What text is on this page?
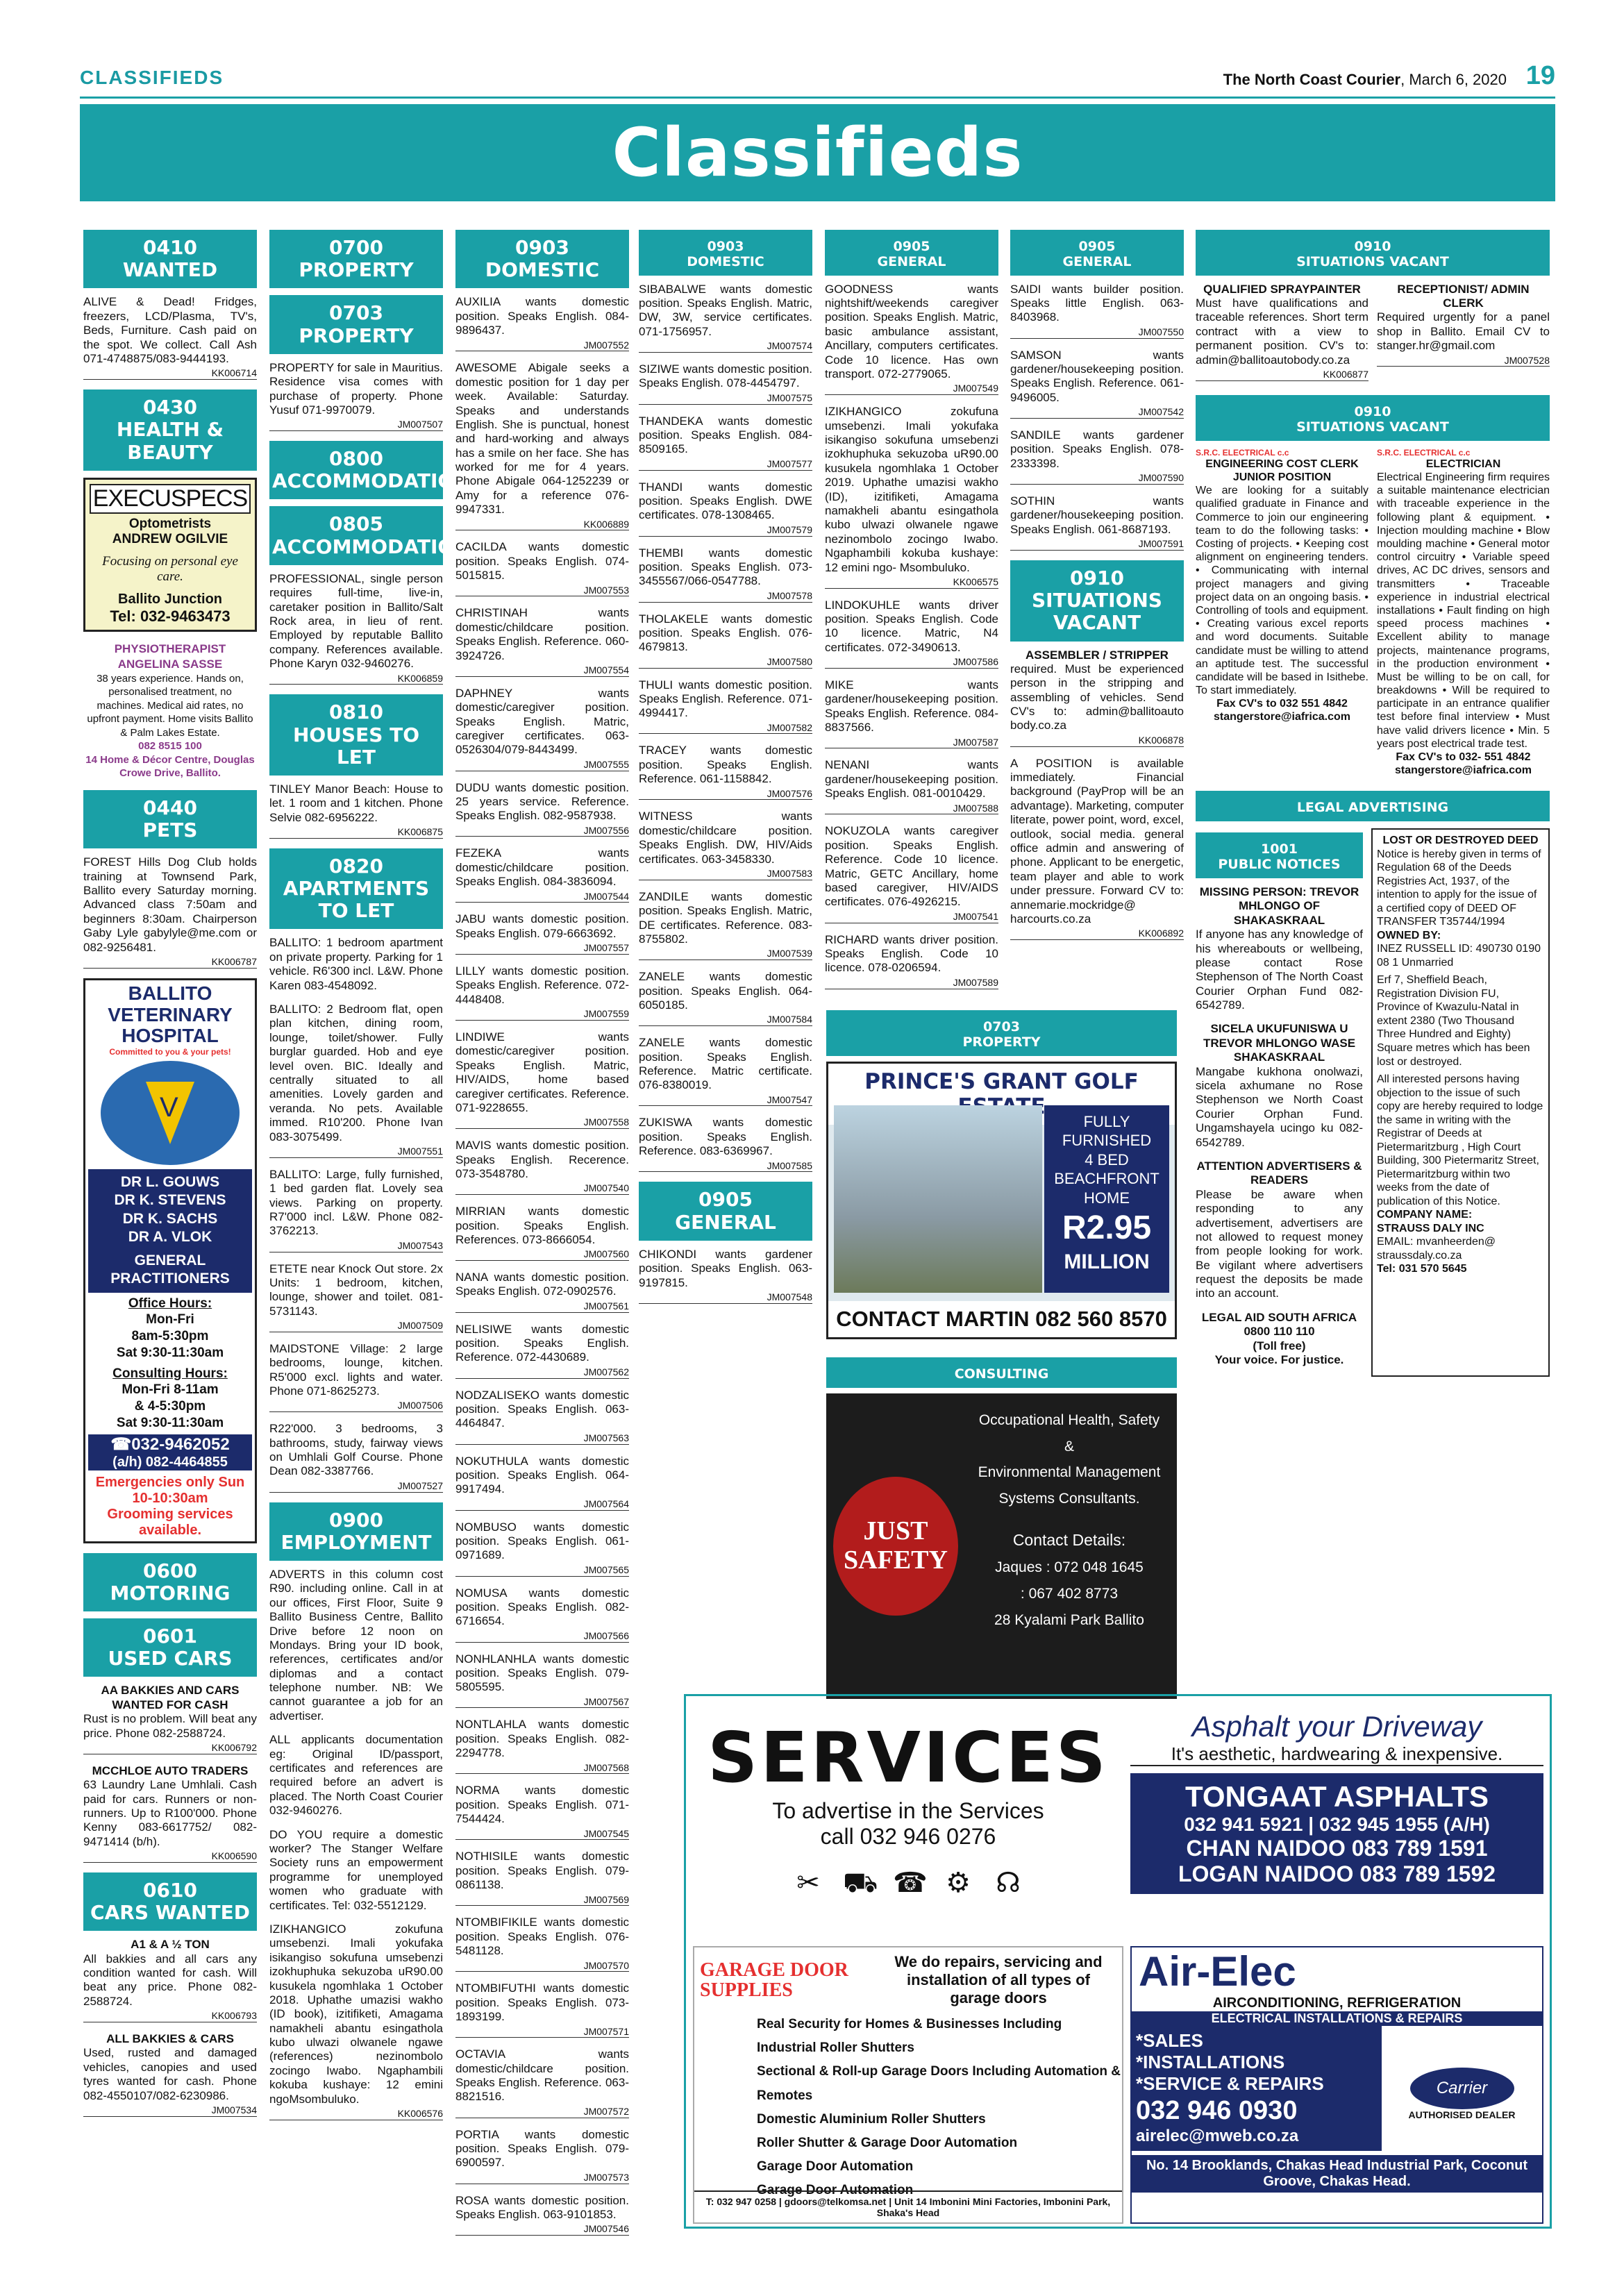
CLASSIFIEDS	The North Coast Courier, March 6, 2020 19
Classifieds
0410
WANTED
ALIVE & Dead! Fridges, freezers, LCD/Plasma, TV's, Beds, Furniture. Cash paid on the spot. We collect. Call Ash 071-4748875/083-9444193.
KK006714
0430
HEALTH & BEAUTY
EXECUSPECS
Optometrists
ANDREW OGILVIE
Focusing on personal eye care.
Ballito Junction
Tel: 032-9463473
PHYSIOTHERAPIST
ANGELINA SASSE
38 years experience. Hands on, personalised treatment, no machines. Medical aid rates, no upfront payment. Home visits Ballito & Palm Lakes Estate.
082 8515 100
14 Home & Décor Centre, Douglas Crowe Drive, Ballito.
0440
PETS
FOREST Hills Dog Club holds training at Townsend Park, Ballito every Saturday morning. Advanced class 7:50am and beginners 8:30am. Chairperson Gaby Lyle gabylyle@me.com or 082-9256481.
KK006787
BALLITO VETERINARY HOSPITAL
Committed to you & your pets!
V
DR L. GOUWS
DR K. STEVENS
DR K. SACHS
DR A. VLOK
GENERAL PRACTITIONERS
Office Hours:
Mon-Fri
8am-5:30pm
Sat 9:30-11:30am
Consulting Hours:
Mon-Fri 8-11am
& 4-5:30pm
Sat 9:30-11:30am
☎032-9462052
(a/h) 082-4464855
Emergencies only Sun 10-10:30am
Grooming services available.
0600
MOTORING
0601
USED CARS
AA BAKKIES AND CARS WANTED FOR CASH
Rust is no problem. Will beat any price. Phone 082-2588724.
KK006792
MCCHLOE AUTO TRADERS
63 Laundry Lane Umhlali. Cash paid for cars. Runners or non-runners. Up to R100'000. Phone Kenny 083-6617752/ 082-9471414 (b/h).
KK006590
0610
CARS WANTED
A1 & A ½ TON
All bakkies and all cars any condition wanted for cash. Will beat any price. Phone 082-2588724.
KK006793
ALL BAKKIES & CARS
Used, rusted and damaged vehicles, canopies and used tyres wanted for cash. Phone 082-4550107/082-6230986.
JM007534
0700
PROPERTY
0703
PROPERTY
PROPERTY for sale in Mauritius. Residence visa comes with purchase of property. Phone Yusuf 071-9970079.
JM007507
0800
ACCOMMODATION
0805
ACCOMMODATION
PROFESSIONAL, single person requires full-time, live-in, caretaker position in Ballito/Salt Rock area, in lieu of rent. Employed by reputable Ballito company. References available. Phone Karyn 032-9460276.
KK006859
0810
HOUSES TO LET
TINLEY Manor Beach: House to let. 1 room and 1 kitchen. Phone Selvie 082-6956222.
KK006875
0820
APARTMENTS TO LET
BALLITO: 1 bedroom apartment on private property. Parking for 1 vehicle. R6'300 incl. L&W. Phone Karen 083-4548092.
BALLITO: 2 Bedroom flat, open plan kitchen, dining room, lounge, toilet/shower. Fully burglar guarded. Hob and eye level oven. BIC. Ideally and centrally situated to all amenities. Lovely garden and veranda. No pets. Available immed. R10'200. Phone Ivan 083-3075499.
JM007551
BALLITO: Large, fully furnished, 1 bed garden flat. Lovely sea views. Parking on property. R7'000 incl. L&W. Phone 082-3762213.
JM007543
ETETE near Knock Out store. 2x Units: 1 bedroom, kitchen, lounge, shower and toilet. 081-5731143.
JM007509
MAIDSTONE Village: 2 large bedrooms, lounge, kitchen. R5'000 excl. lights and water. Phone 071-8625273.
JM007506
R22'000. 3 bedrooms, 3 bathrooms, study, fairway views on Umhlali Golf Course. Phone Dean 082-3387766.
JM007527
0900
EMPLOYMENT
ADVERTS in this column cost R90. including online. Call in at our offices, First Floor, Suite 9 Ballito Business Centre, Ballito Drive before 12 noon on Mondays. Bring your ID book, references, certificates and/or diplomas and a contact telephone number. NB: We cannot guarantee a job for an advertiser.
ALL applicants documentation eg: Original ID/passport, certificates and references are required before an advert is placed. The North Coast Courier 032-9460276.
DO YOU require a domestic worker? The Stanger Welfare Society runs an empowerment programme for unemployed women who graduate with certificates. Tel: 032-5512129.
IZIKHANGICO zokufuna umsebenzi. Imali yokufaka isikangiso sokufuna umsebenzi izokhuphuka sekuzoba uR90.00 kusukela ngomhlaka 1 October 2018. Uphathe umazisi wakho (ID book), izitifiketi, Amagama namakheli abantu esingathola kubo ulwazi olwanele ngawe (references) nezinombolo zocingo Iwabo. Ngaphambili kokuba kushaye: 12 emini ngoMsombuluko.
KK006576
0903
DOMESTIC
AUXILIA wants domestic position. Speaks English. 084-9896437.
JM007552
AWESOME Abigale seeks a domestic position for 1 day per week. Available: Saturday. Speaks and understands English. She is punctual, honest and hard-working and always has a smile on her face. She has worked for me for 4 years. Phone Abigale 064-1252239 or Amy for a reference 076-9947331.
KK006889
CACILDA wants domestic position. Speaks English. 074-5015815.
JM007553
CHRISTINAH wants domestic/childcare position. Speaks English. Reference. 060-3924726.
JM007554
DAPHNEY wants domestic/caregiver position. Speaks English. Matric, caregiver certificates. 063-0526304/079-8443499.
JM007555
DUDU wants domestic position. 25 years service. Reference. Speaks English. 082-9587938.
JM007556
FEZEKA wants domestic/childcare position. Speaks English. 084-3836094.
JM007544
JABU wants domestic position. Speaks English. 079-6663692.
JM007557
LILLY wants domestic position. Speaks English. Reference. 072-4448408.
JM007559
LINDIWE wants domestic/caregiver position. Speaks English. Matric, HIV/AIDS, home based caregiver certificates. Reference. 071-9228655.
JM007558
MAVIS wants domestic position. Speaks English. Recerence. 073-3548780.
JM007540
MIRRIAN wants domestic position. Speaks English. References. 073-8666054.
JM007560
NANA wants domestic position. Speaks English. 072-0902576.
JM007561
NELISIWE wants domestic position. Speaks English. Reference. 072-4430689.
JM007562
NODZALISEKO wants domestic position. Speaks English. 063-4464847.
JM007563
NOKUTHULA wants domestic position. Speaks English. 064-9917494.
JM007564
NOMBUSO wants domestic position. Speaks English. 061-0971689.
JM007565
NOMUSA wants domestic position. Speaks English. 082-6716654.
JM007566
NONHLANHLA wants domestic position. Speaks English. 079-5805595.
JM007567
NONTLAHLA wants domestic position. Speaks English. 082-2294778.
JM007568
NORMA wants domestic position. Speaks English. 071-7544424.
JM007545
NOTHISILE wants domestic position. Speaks English. 079-0861138.
JM007569
NTOMBIFIKILE wants domestic position. Speaks English. 076-5481128.
JM007570
NTOMBIFUTHI wants domestic position. Speaks English. 073-1893199.
JM007571
OCTAVIA wants domestic/childcare position. Speaks English. Reference. 063-8821516.
JM007572
PORTIA wants domestic position. Speaks English. 079-6900597.
JM007573
ROSA wants domestic position. Speaks English. 063-9101853.
JM007546
0903
DOMESTIC
SIBABALWE wants domestic position. Speaks English. Matric, DW, 3W, service certificates. 071-1756957.
JM007574
SIZIWE wants domestic position. Speaks English. 078-4454797.
JM007575
THANDEKA wants domestic position. Speaks English. 084-8509165.
JM007577
THANDI wants domestic position. Speaks English. DWE certificates. 078-1308465.
JM007579
THEMBI wants domestic position. Speaks English. 073-3455567/066-0547788.
JM007578
THOLAKELE wants domestic position. Speaks English. 076-4679813.
JM007580
THULI wants domestic position. Speaks English. Reference. 071-4994417.
JM007582
TRACEY wants domestic position. Speaks English. Reference. 061-1158842.
JM007576
WITNESS wants domestic/childcare position. Speaks English. DW, HIV/Aids certificates. 063-3458330.
JM007583
ZANDILE wants domestic position. Speaks English. Matric, DE certificates. Reference. 083-8755802.
JM007539
ZANELE wants domestic position. Speaks English. 064-6050185.
JM007584
ZANELE wants domestic position. Speaks English. Reference. Matric certificate. 076-8380019.
JM007547
ZUKISWA wants domestic position. Speaks English. Reference. 083-6369967.
JM007585
0905
GENERAL
CHIKONDI wants gardener position. Speaks English. 063-9197815.
JM007548
0905
GENERAL
GOODNESS wants nightshift/weekends caregiver position. Speaks English. Matric, basic ambulance assistant, Ancillary, computers certificates. Code 10 licence. Has own transport. 072-2779065.
JM007549
IZIKHANGICO zokufuna umsebenzi. Imali yokufaka isikangiso sokufuna umsebenzi izokhuphuka sekuzoba uR90.00 kusukela ngomhlaka 1 October 2019. Uphathe umazisi wakho (ID), izitifiketi, Amagama namakheli abantu esingathola kubo ulwazi olwanele ngawe nezinombolo zocingo Iwabo. Ngaphambili kokuba kushaye: 12 emini ngo- Msombuluko.
KK006575
LINDOKUHLE wants driver position. Speaks English. Code 10 licence. Matric, N4 certificates. 072-3490613.
JM007586
MIKE wants gardener/housekeeping position. Speaks English. Reference. 084-8837566.
JM007587
NENANI wants gardener/housekeeping position. Speaks English. 081-0010429.
JM007588
NOKUZOLA wants caregiver position. Speaks English. Reference. Code 10 licence. Matric, GETC Ancillary, home based caregiver, HIV/AIDS certificates. 076-4926215.
JM007541
RICHARD wants driver position. Speaks English. Code 10 licence. 078-0206594.
JM007589
0905
GENERAL
SAIDI wants builder position. Speaks little English. 063-8403968.
JM007550
SAMSON wants gardener/housekeeping position. Speaks English. Reference. 061-9496005.
JM007542
SANDILE wants gardener position. Speaks English. 078-2333398.
JM007590
SOTHIN wants gardener/housekeeping position. Speaks English. 061-8687193.
JM007591
0910
SITUATIONS VACANT
ASSEMBLER / STRIPPER
required. Must be experienced person in the stripping and assembling of vehicles. Send CV's to: admin@ballitoauto body.co.za
KK006878
A POSITION is available immediately. Financial background (PayProp will be an advantage). Marketing, computer literate, power point, word, excel, outlook, social media. general office admin and answering of phone. Applicant to be energetic, team player and able to work under pressure. Forward CV to: annemarie.mockridge@ harcourts.co.za
KK006892
0703
PROPERTY
PRINCE'S GRANT GOLF
FULLY
FURNISHED
4 BED
BEACHFRONT
HOME
R2.95
MILLION
CONTACT MARTIN 082 560 8570
CONSULTING
JUST SAFETY
Occupational Health, Safety
&
Environmental Management
Systems Consultants.
Contact Details:
Jaques : 072 048 1645
: 067 402 8773
28 Kyalami Park Ballito
0910
SITUATIONS VACANT
QUALIFIED SPRAYPAINTER
Must have qualifications and traceable references. Short term contract with a view to permanent position. CV's to: admin@ballitoautobody.co.za
KK006877
RECEPTIONIST/ ADMIN CLERK
Required urgently for a panel shop in Ballito. Email CV to stanger.hr@gmail.com
JM007528
0910
SITUATIONS VACANT
S.R.C. ELECTRICAL c.c
ENGINEERING COST CLERK JUNIOR POSITION
We are looking for a suitably qualified graduate in Finance and Commerce to join our engineering team to do the following tasks: • Costing of projects. • Keeping cost alignment on engineering tenders. • Communicating with internal project managers and giving project data on an ongoing basis. • Controlling of tools and equipment. • Creating various excel reports and word documents. Suitable candidate must be willing to attend an aptitude test. The successful candidate will be based in Isithebe. To start immediately.
Fax CV's to 032 551 4842 stangerstore@iafrica.com
S.R.C. ELECTRICAL c.c
ELECTRICIAN
Electrical Engineering firm requires a suitable maintenance electrician with traceable experience in the following plant & equipment. • Injection moulding machine • Blow moulding machine • General motor control circuitry • Variable speed drives, AC DC drives, sensors and transmitters • Traceable experience in industrial electrical installations • Fault finding on high speed process machines • Excellent ability to manage projects, maintenance programs, in the production environment • Must be willing to be on call, for breakdowns • Will be required to participate in an entrance qualifier test before final interview • Must have valid drivers licence • Min. 5 years post electrical trade test.
Fax CV's to 032- 551 4842 stangerstore@iafrica.com
LEGAL ADVERTISING
1001
PUBLIC NOTICES
MISSING PERSON: TREVOR MHLONGO OF SHAKASKRAAL
If anyone has any knowledge of his whereabouts or wellbeing, please contact Rose Stephenson of The North Coast Courier Orphan Fund 082-6542789.
SICELA UKUFUNISWA U TREVOR MHLONGO WASE SHAKASKRAAL
Mangabe kukhona onolwazi, sicela axhumane no Rose Stephenson we North Coast Courier Orphan Fund. Ungamshayela ucingo ku 082-6542789.
ATTENTION ADVERTISERS & READERS
Please be aware when responding to any advertisement, advertisers are not allowed to request money from people looking for work. Be vigilant where advertisers request the deposits be made into an account.
LEGAL AID SOUTH AFRICA
0800 110 110
(Toll free)
Your voice. For justice.
LOST OR DESTROYED DEED
Notice is hereby given in terms of Regulation 68 of the Deeds Registries Act, 1937, of the intention to apply for the issue of a certified copy of DEED OF TRANSFER T35744/1994
OWNED BY:
INEZ RUSSELL ID: 490730 0190 08 1 Unmarried
Erf 7, Sheffield Beach, Registration Division FU, Province of Kwazulu-Natal in extent 2380 (Two Thousand Three Hundred and Eighty) Square metres which has been lost or destroyed.
All interested persons having objection to the issue of such copy are hereby required to lodge the same in writing with the Registrar of Deeds at Pietermaritzburg , High Court Building, 300 Pietermaritz Street, Pietermaritzburg within two weeks from the date of publication of this Notice.
COMPANY NAME:
STRAUSS DALY INC
EMAIL: mvanheerden@ straussdaly.co.za
Tel: 031 570 5645
SERVICES
To advertise in the Services
call 032 946 0276
✂ ⛟ ☎ ⚙ ☊
Asphalt your Driveway
It's aesthetic, hardwearing & inexpensive.
TONGAAT ASPHALTS
032 941 5921 | 032 945 1955 (A/H)
CHAN NAIDOO 083 789 1591
LOGAN NAIDOO 083 789 1592
GARAGE DOOR SUPPLIES
We do repairs, servicing and installation of all types of garage doors
Real Security for Homes & Businesses Including Industrial Roller Shutters
Sectional & Roll-up Garage Doors Including Automation & Remotes
Domestic Aluminium Roller Shutters
Roller Shutter & Garage Door Automation
Garage Door Automation
Garage Door Automation
T: 032 947 0258 | gdoors@telkomsa.net | Unit 14 Imbonini Mini Factories, Imbonini Park, Shaka's Head
Air-Elec
AIRCONDITIONING, REFRIGERATION
ELECTRICAL INSTALLATIONS & REPAIRS
*SALES
*INSTALLATIONS
*SERVICE & REPAIRS
032 946 0930
airelec@mweb.co.za
Carrier
AUTHORISED DEALER
No. 14 Brooklands, Chakas Head Industrial Park, Coconut Groove, Chakas Head.
